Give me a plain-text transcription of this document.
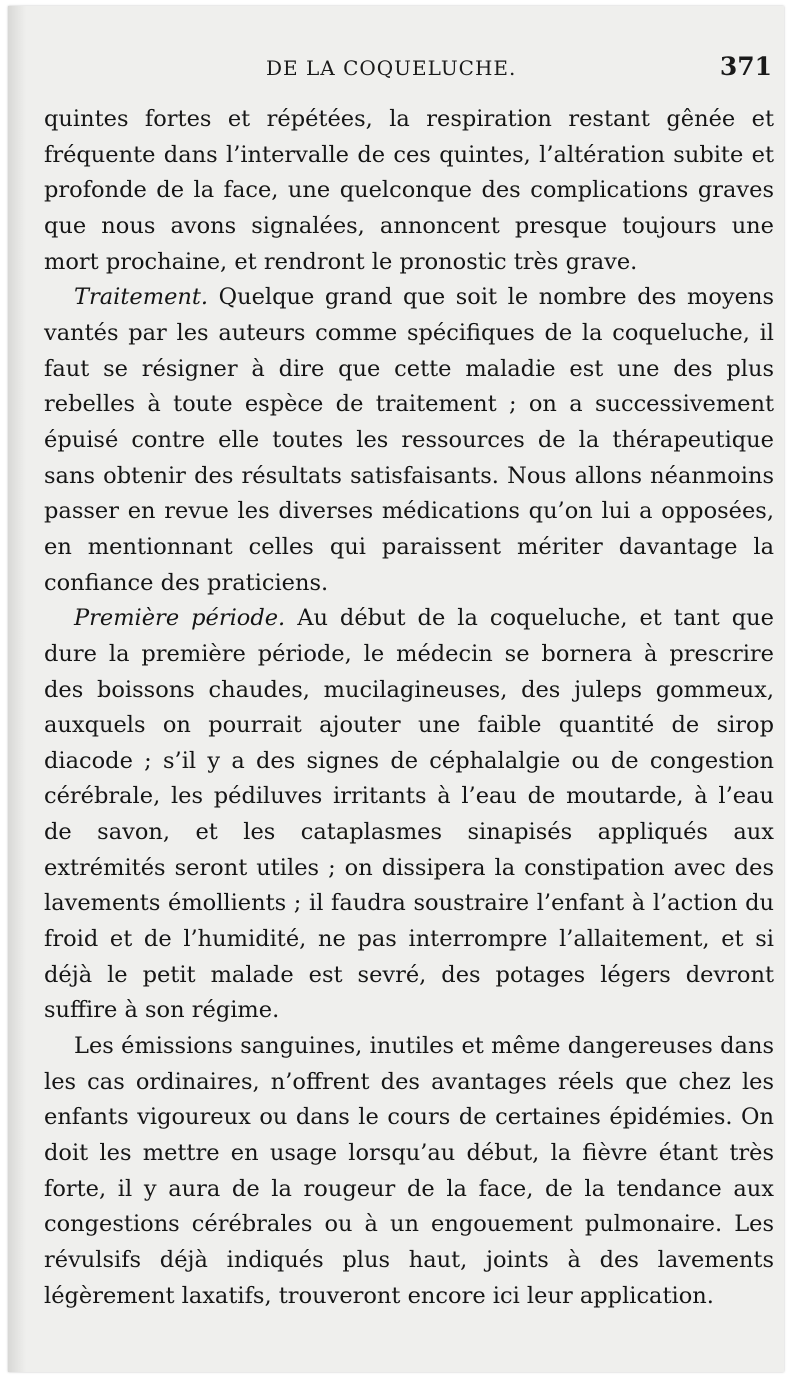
DE LA COQUELUCHE.	371

quintes fortes et répétées, la respiration restant gênée et fréquente dans l’intervalle de ces quintes, l’altération subite et profonde de la face, une quelconque des complications graves que nous avons signalées, annoncent presque toujours une mort prochaine, et rendront le pronostic très grave.

Traitement. Quelque grand que soit le nombre des moyens vantés par les auteurs comme spécifiques de la coqueluche, il faut se résigner à dire que cette maladie est une des plus rebelles à toute espèce de traitement ; on a successivement épuisé contre elle toutes les ressources de la thérapeutique sans obtenir des résultats satisfaisants. Nous allons néanmoins passer en revue les diverses médications qu’on lui a opposées, en mentionnant celles qui paraissent mériter davantage la confiance des praticiens.

Première période. Au début de la coqueluche, et tant que dure la première période, le médecin se bornera à prescrire des boissons chaudes, mucilagineuses, des juleps gommeux, auxquels on pourrait ajouter une faible quantité de sirop diacode ; s’il y a des signes de céphalalgie ou de congestion cérébrale, les pédiluves irritants à l’eau de moutarde, à l’eau de savon, et les cataplasmes sinapisés appliqués aux extrémités seront utiles ; on dissipera la constipation avec des lavements émollients ; il faudra soustraire l’enfant à l’action du froid et de l’humidité, ne pas interrompre l’allaitement, et si déjà le petit malade est sevré, des potages légers devront suffire à son régime.

Les émissions sanguines, inutiles et même dangereuses dans les cas ordinaires, n’offrent des avantages réels que chez les enfants vigoureux ou dans le cours de certaines épidémies. On doit les mettre en usage lorsqu’au début, la fièvre étant très forte, il y aura de la rougeur de la face, de la tendance aux congestions cérébrales ou à un engouement pulmonaire. Les révulsifs déjà indiqués plus haut, joints à des lavements légèrement laxatifs, trouveront encore ici leur application.
